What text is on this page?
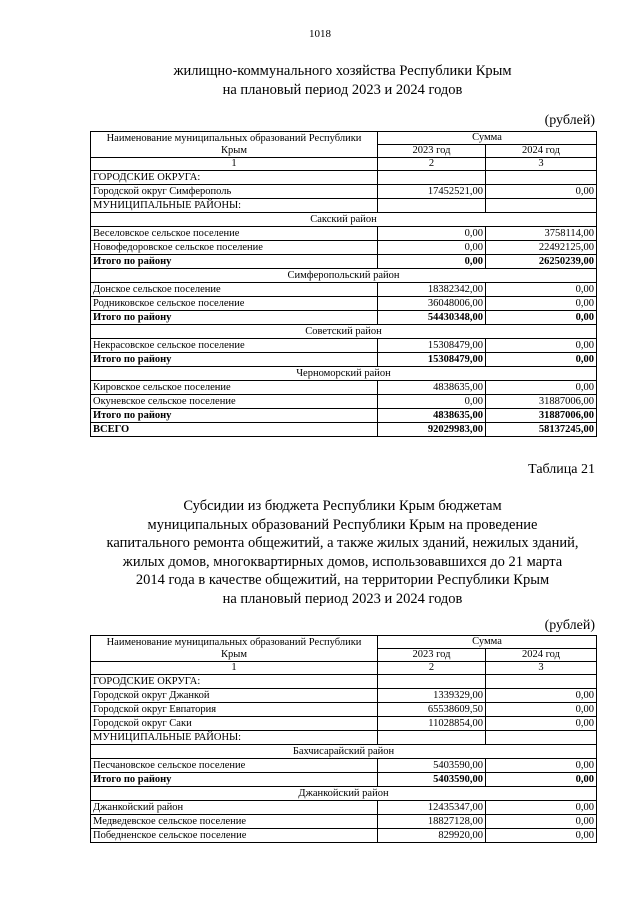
1018
жилищно-коммунального хозяйства Республики Крым
на плановый период 2023 и 2024 годов
(рублей)
Наименование муниципальных образований Республики Крым	Сумма	
	2023 год	2024 год
1	2	3
ГОРОДСКИЕ ОКРУГА:		
Городской округ Симферополь	17452521,00	0,00
МУНИЦИПАЛЬНЫЕ РАЙОНЫ:		
Сакский район		
Веселовское сельское поселение	0,00	3758114,00
Новофедоровское сельское поселение	0,00	22492125,00
Итого по району	0,00	26250239,00
Симферопольский район		
Донское сельское поселение	18382342,00	0,00
Родниковское сельское поселение	36048006,00	0,00
Итого по району	54430348,00	0,00
Советский район		
Некрасовское сельское поселение	15308479,00	0,00
Итого по району	15308479,00	0,00
Черноморский район		
Кировское сельское поселение	4838635,00	0,00
Окуневское сельское поселение	0,00	31887006,00
Итого по району	4838635,00	31887006,00
ВСЕГО	92029983,00	58137245,00
Таблица 21
Субсидии из бюджета Республики Крым бюджетам
муниципальных образований Республики Крым на проведение
капитального ремонта общежитий, а также жилых зданий, нежилых зданий,
жилых домов, многоквартирных домов, использовавшихся до 21 марта
2014 года в качестве общежитий, на территории Республики Крым
на плановый период 2023 и 2024 годов
(рублей)
Наименование муниципальных образований Республики Крым	Сумма	
	2023 год	2024 год
1	2	3
ГОРОДСКИЕ ОКРУГА:		
Городской округ Джанкой	1339329,00	0,00
Городской округ Евпатория	65538609,50	0,00
Городской округ Саки	11028854,00	0,00
МУНИЦИПАЛЬНЫЕ РАЙОНЫ:		
Бахчисарайский район		
Песчановское сельское поселение	5403590,00	0,00
Итого по району	5403590,00	0,00
Джанкойский район		
Джанкойский район	12435347,00	0,00
Медведевское сельское поселение	18827128,00	0,00
Победненское сельское поселение	829920,00	0,00
